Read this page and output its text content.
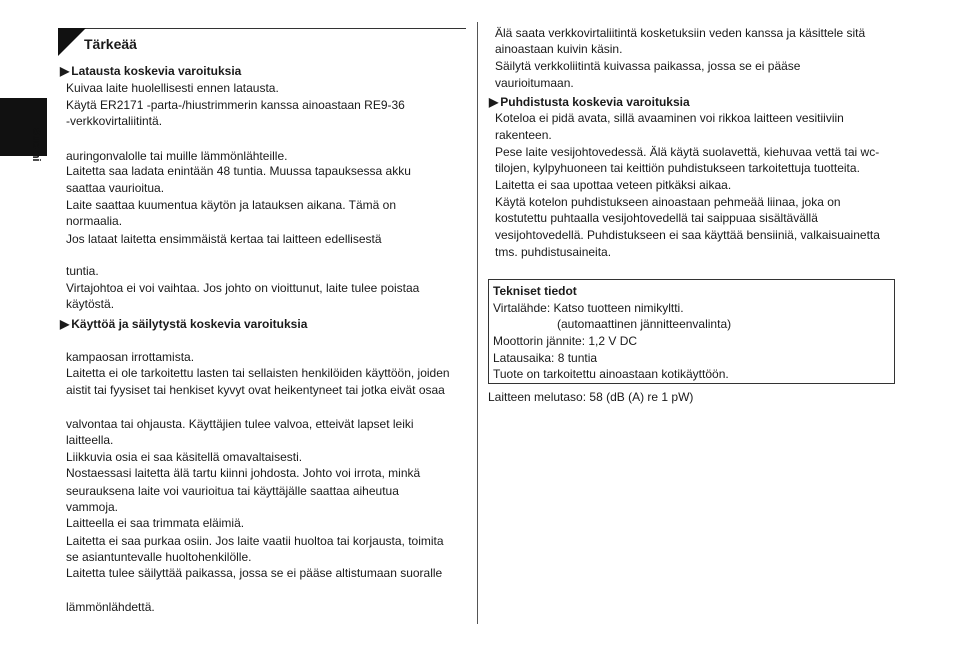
Suomi
Tärkeää
▶ Latausta koskevia varoituksia
Kuivaa laite huolellisesti ennen latausta.
Käytä ER2171 -parta-/hiustrimmerin kanssa ainoastaan RE9-36
-verkkovirtaliitintä.
auringonvalolle tai muille lämmönlähteille.
Laitetta saa ladata enintään 48 tuntia. Muussa tapauksessa akku
saattaa vaurioitua.
Laite saattaa kuumentua käytön ja latauksen aikana. Tämä on
normaalia.
Jos lataat laitetta ensimmäistä kertaa tai laitteen edellisestä
tuntia.
Virtajohtoa ei voi vaihtaa. Jos johto on vioittunut, laite tulee poistaa
käytöstä.
▶ Käyttöä ja säilytystä koskevia varoituksia
kampaosan irrottamista.
Laitetta ei ole tarkoitettu lasten tai sellaisten henkilöiden käyttöön, joiden
aistit tai fyysiset tai henkiset kyvyt ovat heikentyneet tai jotka eivät osaa
valvontaa tai ohjausta. Käyttäjien tulee valvoa, etteivät lapset leiki
laitteella.
Liikkuvia osia ei saa käsitellä omavaltaisesti.
Nostaessasi laitetta älä tartu kiinni johdosta. Johto voi irrota, minkä
seurauksena laite voi vaurioitua tai käyttäjälle saattaa aiheutua
vammoja.
Laitteella ei saa trimmata eläimiä.
Laitetta ei saa purkaa osiin. Jos laite vaatii huoltoa tai korjausta, toimita
se asiantuntevalle huoltohenkilölle.
Laitetta tulee säilyttää paikassa, jossa se ei pääse altistumaan suoralle
lämmönlähdettä.
Älä saata verkkovirtaliitintä kosketuksiin veden kanssa ja käsittele sitä
ainoastaan kuivin käsin.
Säilytä verkkoliitintä kuivassa paikassa, jossa se ei pääse
vaurioitumaan.
▶ Puhdistusta koskevia varoituksia
Koteloa ei pidä avata, sillä avaaminen voi rikkoa laitteen vesitiiviin
rakenteen.
Pese laite vesijohtovedessä. Älä käytä suolavettä, kiehuvaa vettä tai wc-
tilojen, kylpyhuoneen tai keittiön puhdistukseen tarkoitettuja tuotteita.
Laitetta ei saa upottaa veteen pitkäksi aikaa.
Käytä kotelon puhdistukseen ainoastaan pehmeää liinaa, joka on
kostutettu puhtaalla vesijohtovedellä tai saippuaa sisältävällä
vesijohtovedellä. Puhdistukseen ei saa käyttää bensiiniä, valkaisuainetta
tms. puhdistusaineita.
Tekniset tiedot
Virtalähde: Katso tuotteen nimikyltti.
(automaattinen jännitteenvalinta)
Moottorin jännite: 1,2 V DC
Latausaika: 8 tuntia
Tuote on tarkoitettu ainoastaan kotikäyttöön.
Laitteen melutaso: 58 (dB (A) re 1 pW)
